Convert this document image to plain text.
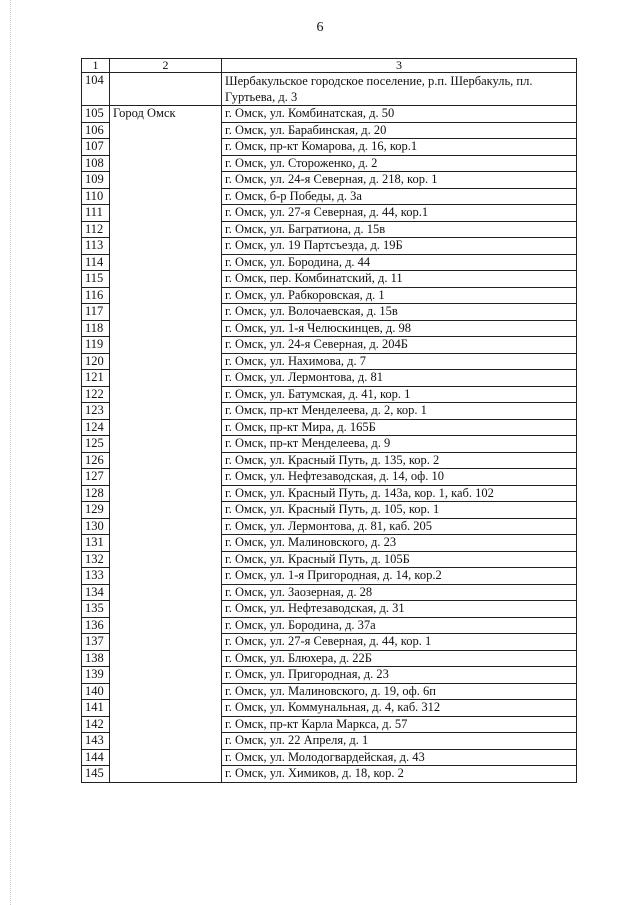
6
1	2	3
104		Шербакульское городское поселение, р.п. Шербакуль, пл. Гуртьева, д. 3
105	Город Омск	г. Омск, ул. Комбинатская, д. 50
106		г. Омск, ул. Барабинская, д. 20
107		г. Омск, пр-кт Комарова, д. 16, кор.1
108		г. Омск, ул. Стороженко, д. 2
109		г. Омск, ул. 24-я Северная, д. 218, кор. 1
110		г. Омск, б-р Победы, д. 3а
111		г. Омск, ул. 27-я Северная, д. 44, кор.1
112		г. Омск, ул. Багратиона, д. 15в
113		г. Омск, ул. 19 Партсъезда, д. 19Б
114		г. Омск, ул. Бородина, д. 44
115		г. Омск, пер. Комбинатский, д. 11
116		г. Омск, ул. Рабкоровская, д. 1
117		г. Омск, ул. Волочаевская, д. 15в
118		г. Омск, ул. 1-я Челюскинцев, д. 98
119		г. Омск, ул. 24-я Северная, д. 204Б
120		г. Омск, ул. Нахимова, д. 7
121		г. Омск, ул. Лермонтова, д. 81
122		г. Омск, ул. Батумская, д. 41, кор. 1
123		г. Омск, пр-кт Менделеева, д. 2, кор. 1
124		г. Омск, пр-кт Мира, д. 165Б
125		г. Омск, пр-кт Менделеева, д. 9
126		г. Омск, ул. Красный Путь, д. 135, кор. 2
127		г. Омск, ул. Нефтезаводская, д. 14, оф. 10
128		г. Омск, ул. Красный Путь, д. 143а, кор. 1, каб. 102
129		г. Омск, ул. Красный Путь, д. 105, кор. 1
130		г. Омск, ул. Лермонтова, д. 81, каб. 205
131		г. Омск, ул. Малиновского, д. 23
132		г. Омск, ул. Красный Путь, д. 105Б
133		г. Омск, ул. 1-я Пригородная, д. 14, кор.2
134		г. Омск, ул. Заозерная, д. 28
135		г. Омск, ул. Нефтезаводская, д. 31
136		г. Омск, ул. Бородина, д. 37а
137		г. Омск, ул. 27-я Северная, д. 44, кор. 1
138		г. Омск, ул. Блюхера, д. 22Б
139		г. Омск, ул. Пригородная, д. 23
140		г. Омск, ул. Малиновского, д. 19, оф. 6п
141		г. Омск, ул. Коммунальная, д. 4, каб. 312
142		г. Омск, пр-кт Карла Маркса, д. 57
143		г. Омск, ул. 22 Апреля, д. 1
144		г. Омск, ул. Молодогвардейская, д. 43
145		г. Омск, ул. Химиков, д. 18, кор. 2
